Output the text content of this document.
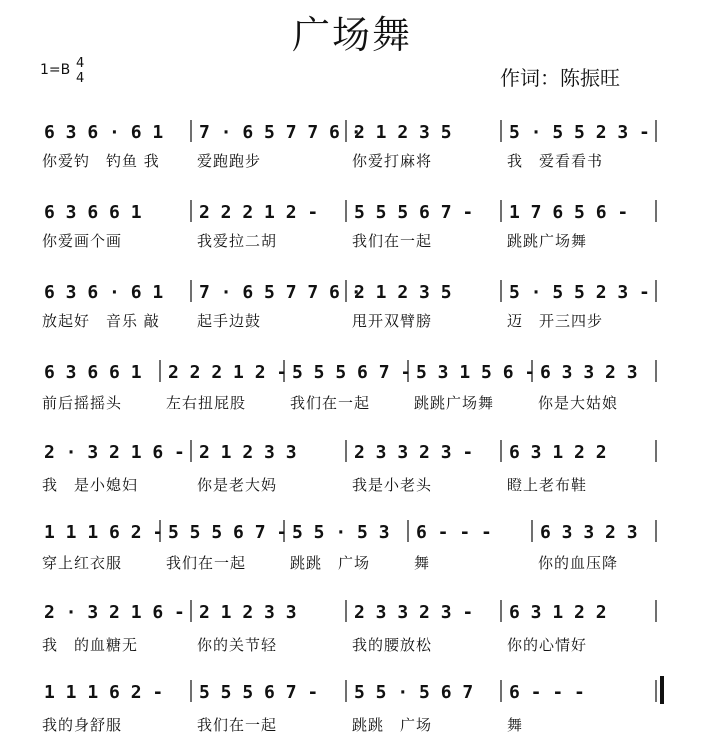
广场舞
1=B 4
4	作词：陈振旺
6 3 6 · 6 1
你爱钓　钓鱼 我
7 · 6 5 7 7 6 ·
爱跑跑步
2 1 2 3 5
你爱打麻将
5 · 5 5 2 3 -
我　爱看看书
6 3 6 6 1
你爱画个画
2 2 2 1 2 -
我爱拉二胡
5 5 5 6 7 -
我们在一起
1 7 6 5 6 -
跳跳广场舞
6 3 6 · 6 1
放起好　音乐 敲
7 · 6 5 7 7 6 ·
起手边鼓
2 1 2 3 5
甩开双臂膀
5 · 5 5 2 3 -
迈　开三四步
6 3 6 6 1
前后摇摇头
2 2 2 1 2 -
左右扭屁股
5 5 5 6 7 -
我们在一起
5 3 1 5 6 -
跳跳广场舞
6 3 3 2 3
你是大姑娘
2 · 3 2 1 6 -
我　是小媳妇
2 1 2 3 3
你是老大妈
2 3 3 2 3 -
我是小老头
6 3 1 2 2
瞪上老布鞋
1 1 1 6 2 -
穿上红衣服
5 5 5 6 7 -
我们在一起
5 5 · 5 3
跳跳　广场
6 - - -
舞
6 3 3 2 3
你的血压降
2 · 3 2 1 6 -
我　的血糖无
2 1 2 3 3
你的关节轻
2 3 3 2 3 -
我的腰放松
6 3 1 2 2
你的心情好
1 1 1 6 2 -
我的身舒服
5 5 5 6 7 -
我们在一起
5 5 · 5 6 7
跳跳　广场
6 - - -
舞
